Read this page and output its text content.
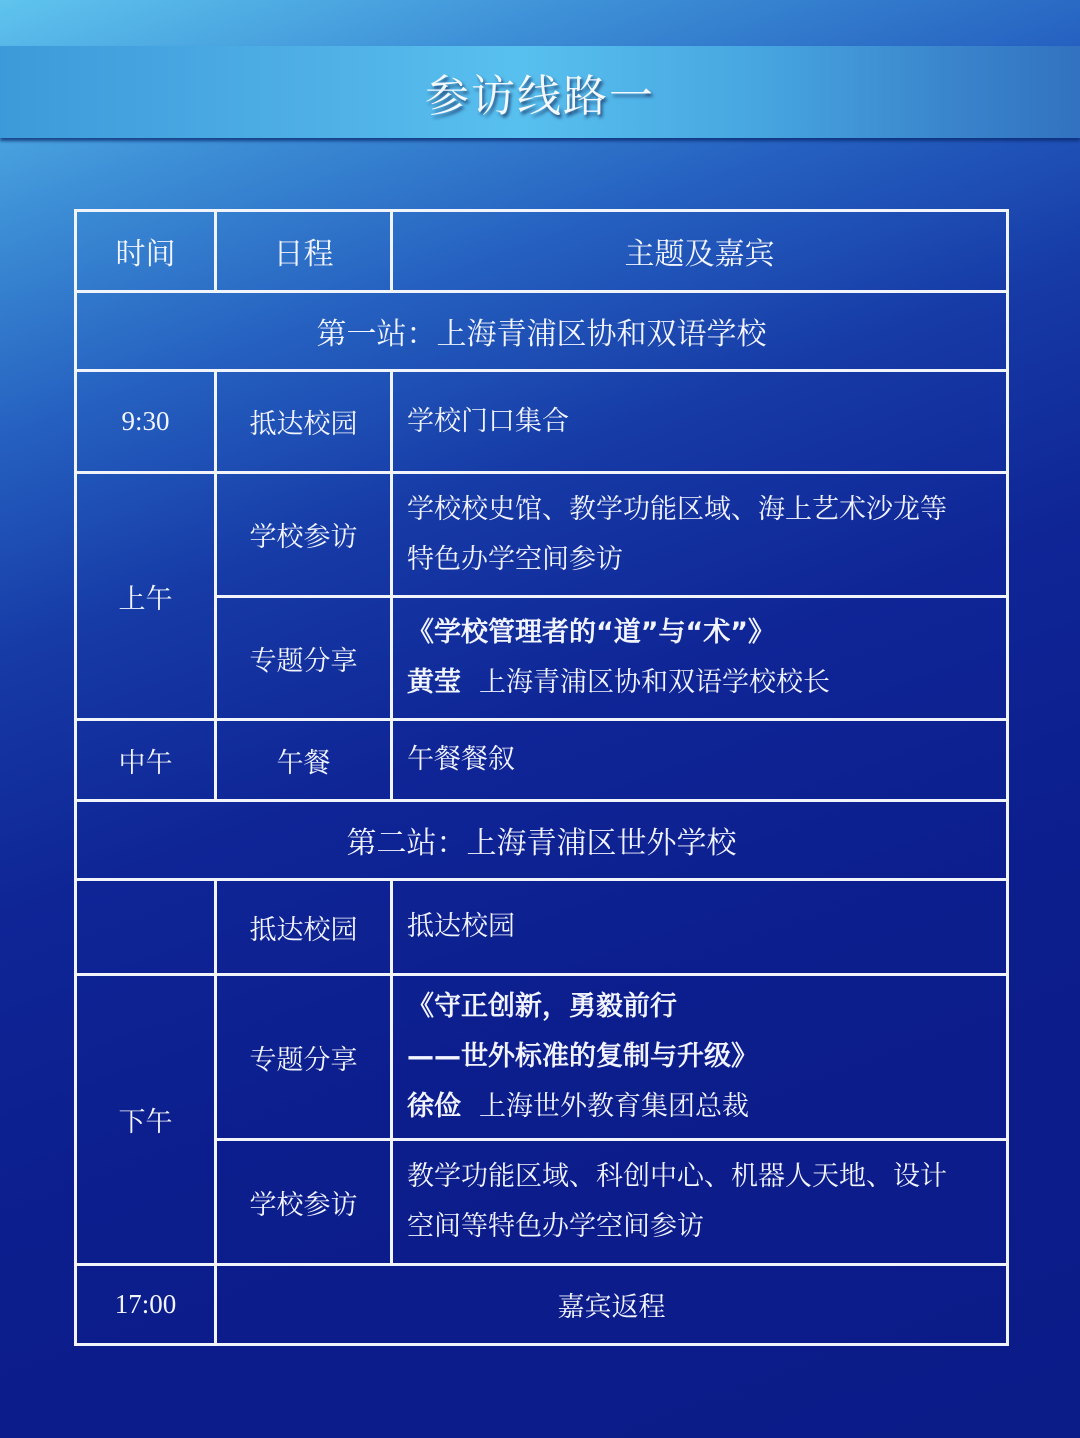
参访线路一
时间	日程	主题及嘉宾
第一站：上海青浦区协和双语学校		
9:30	抵达校园	学校门口集合

上午	学校参访	学校校史馆、教学功能区域、海上艺术沙龙等
特色办学空间参访

	专题分享	《学校管理者的“道”与“术”》
黄莹 上海青浦区协和双语学校校长

中午	午餐	午餐餐叙

第二站：上海青浦区世外学校		
	抵达校园	抵达校园

下午	专题分享	《守正创新，勇毅前行
——世外标准的复制与升级》
徐俭 上海世外教育集团总裁

	学校参访	教学功能区域、科创中心、机器人天地、设计
空间等特色办学空间参访

17:00	嘉宾返程	
